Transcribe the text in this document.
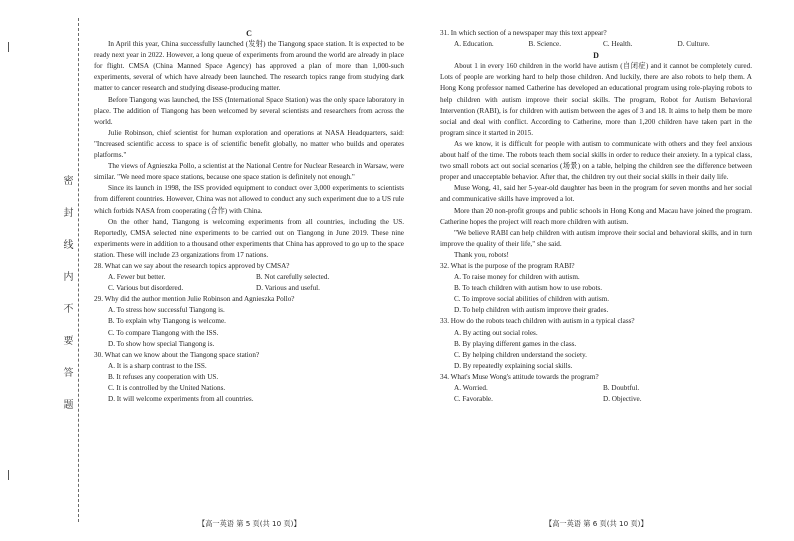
密封线内不要答题

C

In April this year, China successfully launched (发射) the Tiangong space station. It is expected to be ready next year in 2022. However, a long queue of experiments from around the world are already in place for flight. CMSA (China Manned Space Agency) has approved a plan of more than 1,000-such experiments, several of which have already been launched. The research topics range from studying dark matter to cancer research and studying disease-producing matter.

Before Tiangong was launched, the ISS (International Space Station) was the only space laboratory in place. The addition of Tiangong has been welcomed by several scientists and researchers from across the world.

Julie Robinson, chief scientist for human exploration and operations at NASA Headquarters, said: "Increased scientific access to space is of scientific benefit globally, no matter who builds and operates platforms."

The views of Agnieszka Pollo, a scientist at the National Centre for Nuclear Research in Warsaw, were similar. "We need more space stations, because one space station is definitely not enough."

Since its launch in 1998, the ISS provided equipment to conduct over 3,000 experiments to scientists from different countries. However, China was not allowed to conduct any such experiment due to a US rule which forbids NASA from cooperating (合作) with China.

On the other hand, Tiangong is welcoming experiments from all countries, including the US. Reportedly, CMSA selected nine experiments to be carried out on Tiangong in June 2019. These nine experiments were in addition to a thousand other experiments that China has approved to go up to the space station. These will include 23 organizations from 17 nations.

28. What can we say about the research topics approved by CMSA?
A. Fewer but better.	B. Not carefully selected.
C. Various but disordered.	D. Various and useful.
29. Why did the author mention Julie Robinson and Agnieszka Pollo?
A. To stress how successful Tiangong is.
B. To explain why Tiangong is welcome.
C. To compare Tiangong with the ISS.
D. To show how special Tiangong is.
30. What can we know about the Tiangong space station?
A. It is a sharp contrast to the ISS.
B. It refuses any cooperation with US.
C. It is controlled by the United Nations.
D. It will welcome experiments from all countries.
31. In which section of a newspaper may this text appear?
A. Education.	B. Science.	C. Health.	D. Culture.

D

About 1 in every 160 children in the world have autism (自闭症) and it cannot be completely cured. Lots of people are working hard to help those children. And luckily, there are also robots to help them. A Hong Kong professor named Catherine has developed an educational program using role-playing robots to help children with autism improve their social skills. The program, Robot for Autism Behavioral Intervention (RABI), is for children with autism between the ages of 3 and 18. It aims to help them be more social and deal with conflict. According to Catherine, more than 1,200 children have taken part in the program since it started in 2015.

As we know, it is difficult for people with autism to communicate with others and they feel anxious about half of the time. The robots teach them social skills in order to reduce their anxiety. In a typical class, two small robots act out social scenarios (场景) on a table, helping the children see the difference between proper and unacceptable behavior. After that, the children try out their social skills in their daily life.

Muse Wong, 41, said her 5-year-old daughter has been in the program for seven months and her social and communicative skills have improved a lot.

More than 20 non-profit groups and public schools in Hong Kong and Macau have joined the program. Catherine hopes the project will reach more children with autism.

"We believe RABI can help children with autism improve their social and behavioral skills, and in turn improve the quality of their life," she said.

Thank you, robots!

32. What is the purpose of the program RABI?
A. To raise money for children with autism.
B. To teach children with autism how to use robots.
C. To improve social abilities of children with autism.
D. To help children with autism improve their grades.
33. How do the robots teach children with autism in a typical class?
A. By acting out social roles.
B. By playing different games in the class.
C. By helping children understand the society.
D. By repeatedly explaining social skills.
34. What's Muse Wong's attitude towards the program?
A. Worried.	B. Doubtful.
C. Favorable.	D. Objective.
【高一英语 第 5 页(共 10 页)】	【高一英语 第 6 页(共 10 页)】
